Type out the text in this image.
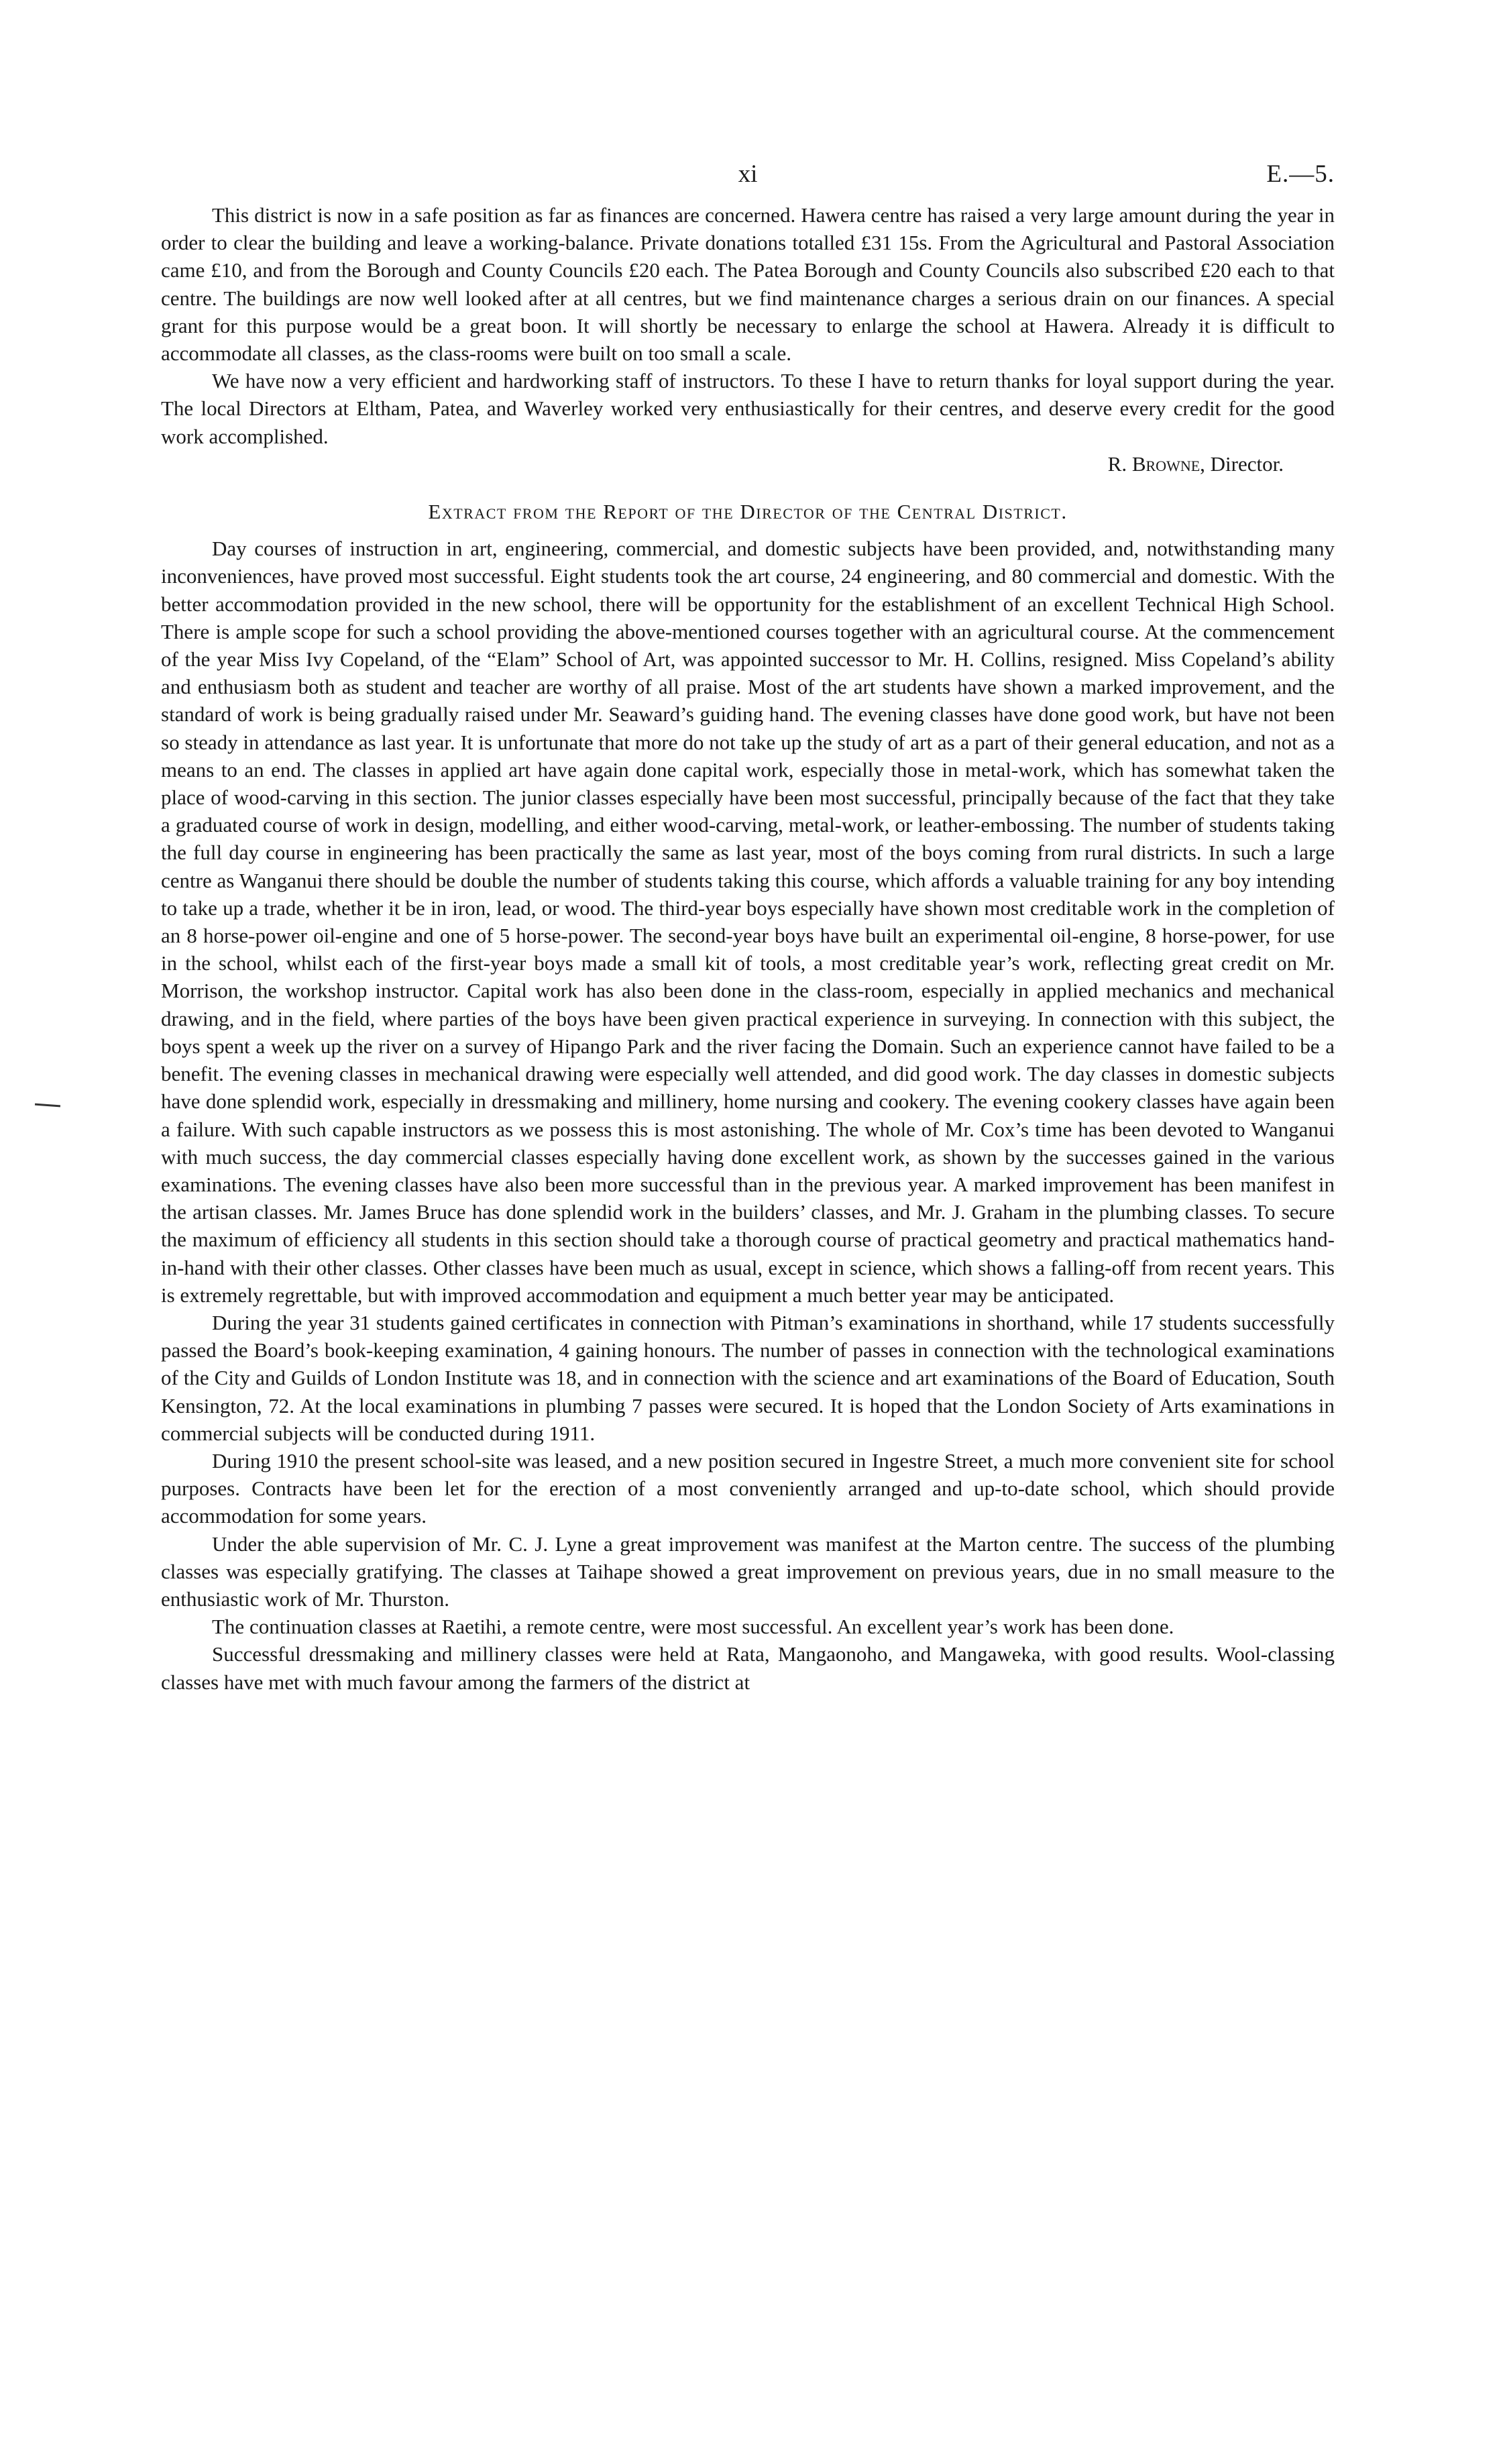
xi	E.—5.

This district is now in a safe position as far as finances are concerned. Hawera centre has raised a very large amount during the year in order to clear the building and leave a working-balance. Private donations totalled £31 15s. From the Agricultural and Pastoral Association came £10, and from the Borough and County Councils £20 each. The Patea Borough and County Councils also subscribed £20 each to that centre. The buildings are now well looked after at all centres, but we find maintenance charges a serious drain on our finances. A special grant for this purpose would be a great boon. It will shortly be necessary to enlarge the school at Hawera. Already it is difficult to accommodate all classes, as the class-rooms were built on too small a scale.

We have now a very efficient and hardworking staff of instructors. To these I have to return thanks for loyal support during the year. The local Directors at Eltham, Patea, and Waverley worked very enthusiastically for their centres, and deserve every credit for the good work accomplished.

R. Browne, Director.

Extract from the Report of the Director of the Central District.

Day courses of instruction in art, engineering, commercial, and domestic subjects have been provided, and, notwithstanding many inconveniences, have proved most successful. Eight students took the art course, 24 engineering, and 80 commercial and domestic. With the better accommodation provided in the new school, there will be opportunity for the establishment of an excellent Technical High School. There is ample scope for such a school providing the above-mentioned courses together with an agricultural course. At the commencement of the year Miss Ivy Copeland, of the “Elam” School of Art, was appointed successor to Mr. H. Collins, resigned. Miss Copeland’s ability and enthusiasm both as student and teacher are worthy of all praise. Most of the art students have shown a marked improvement, and the standard of work is being gradually raised under Mr. Seaward’s guiding hand. The evening classes have done good work, but have not been so steady in attendance as last year. It is unfortunate that more do not take up the study of art as a part of their general education, and not as a means to an end. The classes in applied art have again done capital work, especially those in metal-work, which has somewhat taken the place of wood-carving in this section. The junior classes especially have been most successful, principally because of the fact that they take a graduated course of work in design, modelling, and either wood-carving, metal-work, or leather-embossing. The number of students taking the full day course in engineering has been practically the same as last year, most of the boys coming from rural districts. In such a large centre as Wanganui there should be double the number of students taking this course, which affords a valuable training for any boy intending to take up a trade, whether it be in iron, lead, or wood. The third-year boys especially have shown most creditable work in the completion of an 8 horse-power oil-engine and one of 5 horse-power. The second-year boys have built an experimental oil-engine, 8 horse-power, for use in the school, whilst each of the first-year boys made a small kit of tools, a most creditable year’s work, reflecting great credit on Mr. Morrison, the workshop instructor. Capital work has also been done in the class-room, especially in applied mechanics and mechanical drawing, and in the field, where parties of the boys have been given practical experience in surveying. In connection with this subject, the boys spent a week up the river on a survey of Hipango Park and the river facing the Domain. Such an experience cannot have failed to be a benefit. The evening classes in mechanical drawing were especially well attended, and did good work. The day classes in domestic subjects have done splendid work, especially in dressmaking and millinery, home nursing and cookery. The evening cookery classes have again been a failure. With such capable instructors as we possess this is most astonishing. The whole of Mr. Cox’s time has been devoted to Wanganui with much success, the day commercial classes especially having done excellent work, as shown by the successes gained in the various examinations. The evening classes have also been more successful than in the previous year. A marked improvement has been manifest in the artisan classes. Mr. James Bruce has done splendid work in the builders’ classes, and Mr. J. Graham in the plumbing classes. To secure the maximum of efficiency all students in this section should take a thorough course of practical geometry and practical mathematics hand-in-hand with their other classes. Other classes have been much as usual, except in science, which shows a falling-off from recent years. This is extremely regrettable, but with improved accommodation and equipment a much better year may be anticipated.

During the year 31 students gained certificates in connection with Pitman’s examinations in shorthand, while 17 students successfully passed the Board’s book-keeping examination, 4 gaining honours. The number of passes in connection with the technological examinations of the City and Guilds of London Institute was 18, and in connection with the science and art examinations of the Board of Education, South Kensington, 72. At the local examinations in plumbing 7 passes were secured. It is hoped that the London Society of Arts examinations in commercial subjects will be conducted during 1911.

During 1910 the present school-site was leased, and a new position secured in Ingestre Street, a much more convenient site for school purposes. Contracts have been let for the erection of a most conveniently arranged and up-to-date school, which should provide accommodation for some years.

Under the able supervision of Mr. C. J. Lyne a great improvement was manifest at the Marton centre. The success of the plumbing classes was especially gratifying. The classes at Taihape showed a great improvement on previous years, due in no small measure to the enthusiastic work of Mr. Thurston.

The continuation classes at Raetihi, a remote centre, were most successful. An excellent year’s work has been done.

Successful dressmaking and millinery classes were held at Rata, Mangaonoho, and Mangaweka, with good results. Wool-classing classes have met with much favour among the farmers of the district at
